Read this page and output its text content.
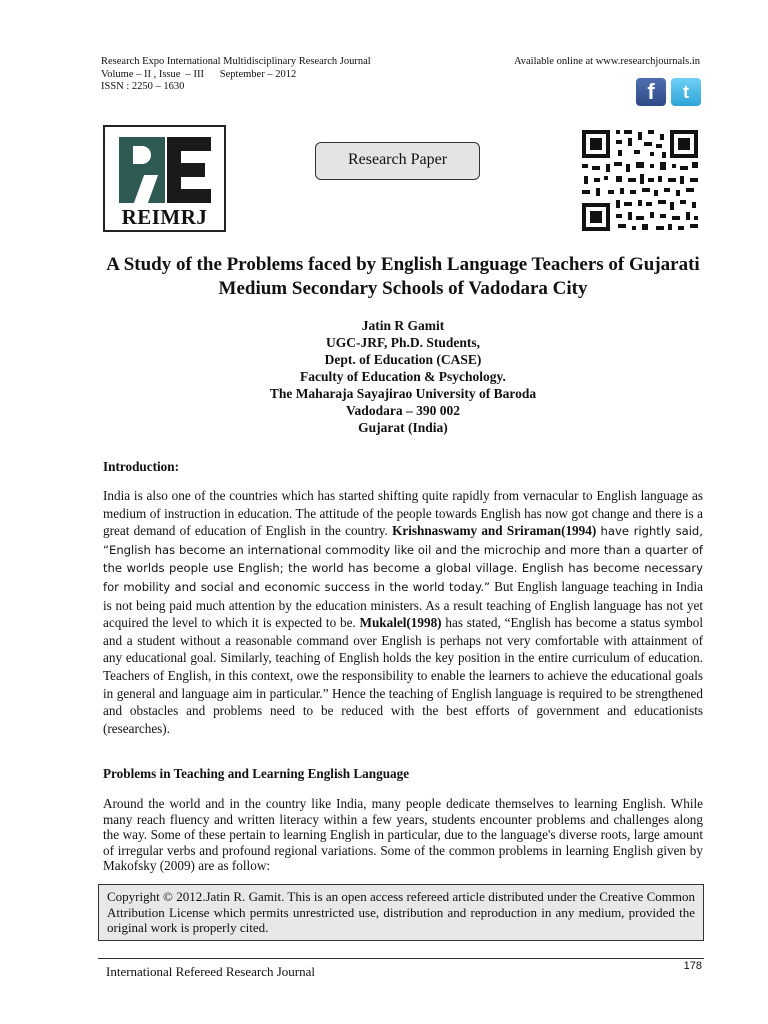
Research Expo International Multidisciplinary Research Journal
Volume – II , Issue  – III      September – 2012
ISSN : 2250 – 1630
Available online at www.researchjournals.in
f	t
REIMRJ
Research Paper
A Study of the Problems faced by English Language Teachers of Gujarati Medium Secondary Schools of Vadodara City
Jatin R Gamit
UGC-JRF, Ph.D. Students,
Dept. of Education (CASE)
Faculty of Education & Psychology.
The Maharaja Sayajirao University of Baroda
Vadodara – 390 002
Gujarat (India)
Introduction:
India is also one of the countries which has started shifting quite rapidly from vernacular to English language as medium of instruction in education. The attitude of the people towards English has now got change and there is a great demand of education of English in the country. Krishnaswamy and Sriraman(1994) have rightly said, “English has become an international commodity like oil and the microchip and more than a quarter of the worlds people use English; the world has become a global village. English has become necessary for mobility and social and economic success in the world today.” But English language teaching in India is not being paid much attention by the education ministers. As a result teaching of English language has not yet acquired the level to which it is expected to be. Mukalel(1998) has stated, “English has become a status symbol and a student without a reasonable command over English is perhaps not very comfortable with attainment of any educational goal. Similarly, teaching of English holds the key position in the entire curriculum of education. Teachers of English, in this context, owe the responsibility to enable the learners to achieve the educational goals in general and language aim in particular.” Hence the teaching of English language is required to be strengthened and obstacles and problems need to be reduced with the best efforts of government and educationists (researches).
Problems in Teaching and Learning English Language
Around the world and in the country like India, many people dedicate themselves to learning English. While many reach fluency and written literacy within a few years, students encounter problems and challenges along the way. Some of these pertain to learning English in particular, due to the language's diverse roots, large amount of irregular verbs and profound regional variations. Some of the common problems in learning English given by Makofsky (2009) are as follow:
Copyright © 2012.Jatin R. Gamit. This is an open access refereed article distributed under the Creative Common Attribution License which permits unrestricted use, distribution and reproduction in any medium, provided the original work is properly cited.
International Refereed Research Journal	178
